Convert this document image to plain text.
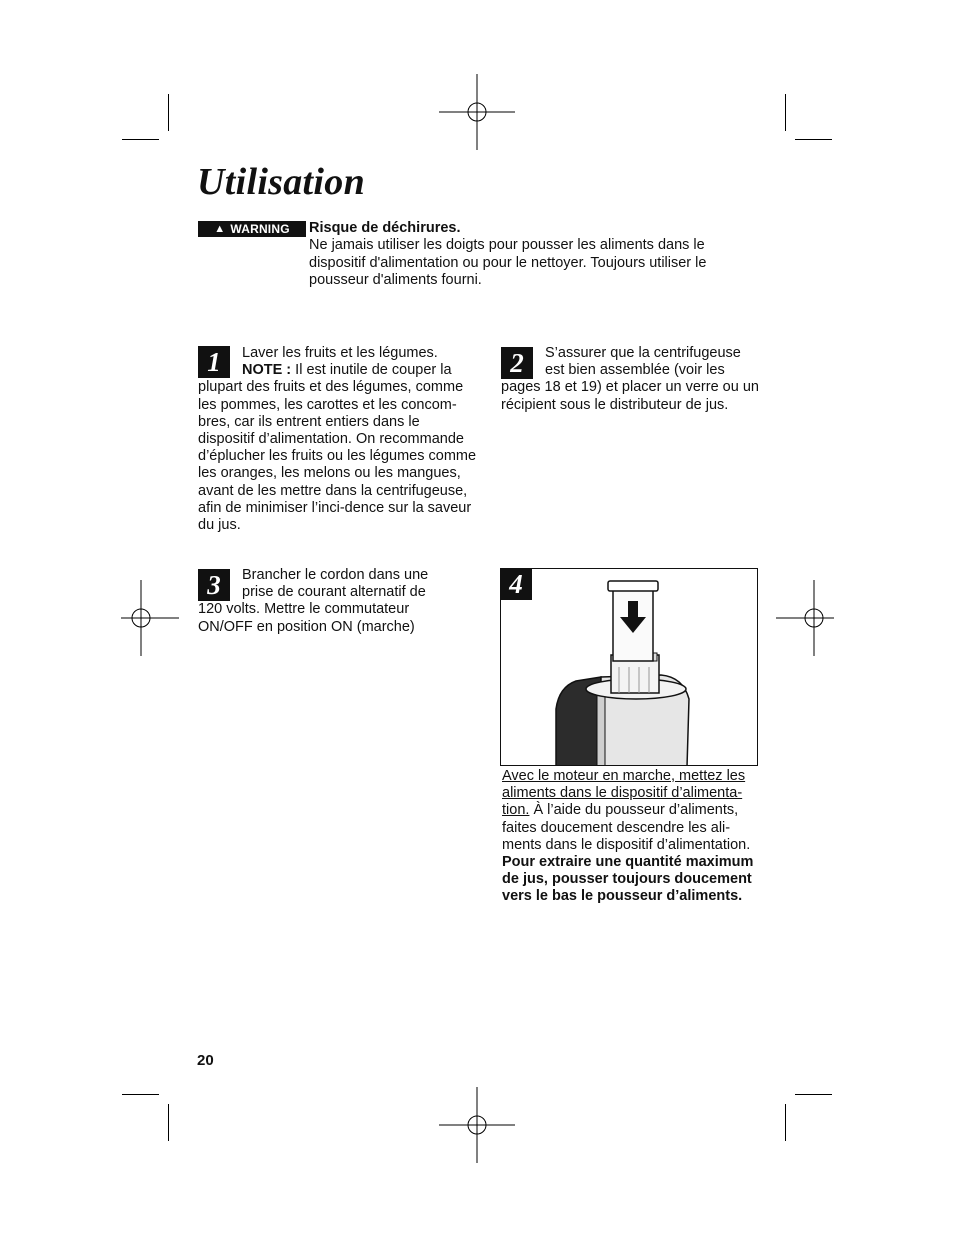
Utilisation
▲ WARNING Risque de déchirures.
Ne jamais utiliser les doigts pour pousser les aliments dans le dispositif d'alimentation ou pour le nettoyer. Toujours utiliser le pousseur d'aliments fourni.
1	Laver les fruits et les légumes.
NOTE : Il est inutile de couper la
plupart des fruits et des légumes, comme les pommes, les carottes et les concom-bres, car ils entrent entiers dans le dispositif d’alimentation. On recommande d’éplucher les fruits ou les légumes comme les oranges, les melons ou les mangues, avant de les mettre dans la centrifugeuse, afin de minimiser l’inci-dence sur la saveur du jus.
2	S’assurer que la centrifugeuse
est bien assemblée (voir les
pages 18 et 19) et placer un verre ou un récipient sous le distributeur de jus.
3	Brancher le cordon dans une
prise de courant alternatif de
120 volts. Mettre le commutateur ON/OFF en position ON (marche)
4
Avec le moteur en marche, mettez les aliments dans le dispositif d’alimenta-tion. À l’aide du pousseur d’aliments, faites doucement descendre les ali-ments dans le dispositif d’alimentation.
Pour extraire une quantité maximum de jus, pousser toujours doucement vers le bas le pousseur d’aliments.
20
